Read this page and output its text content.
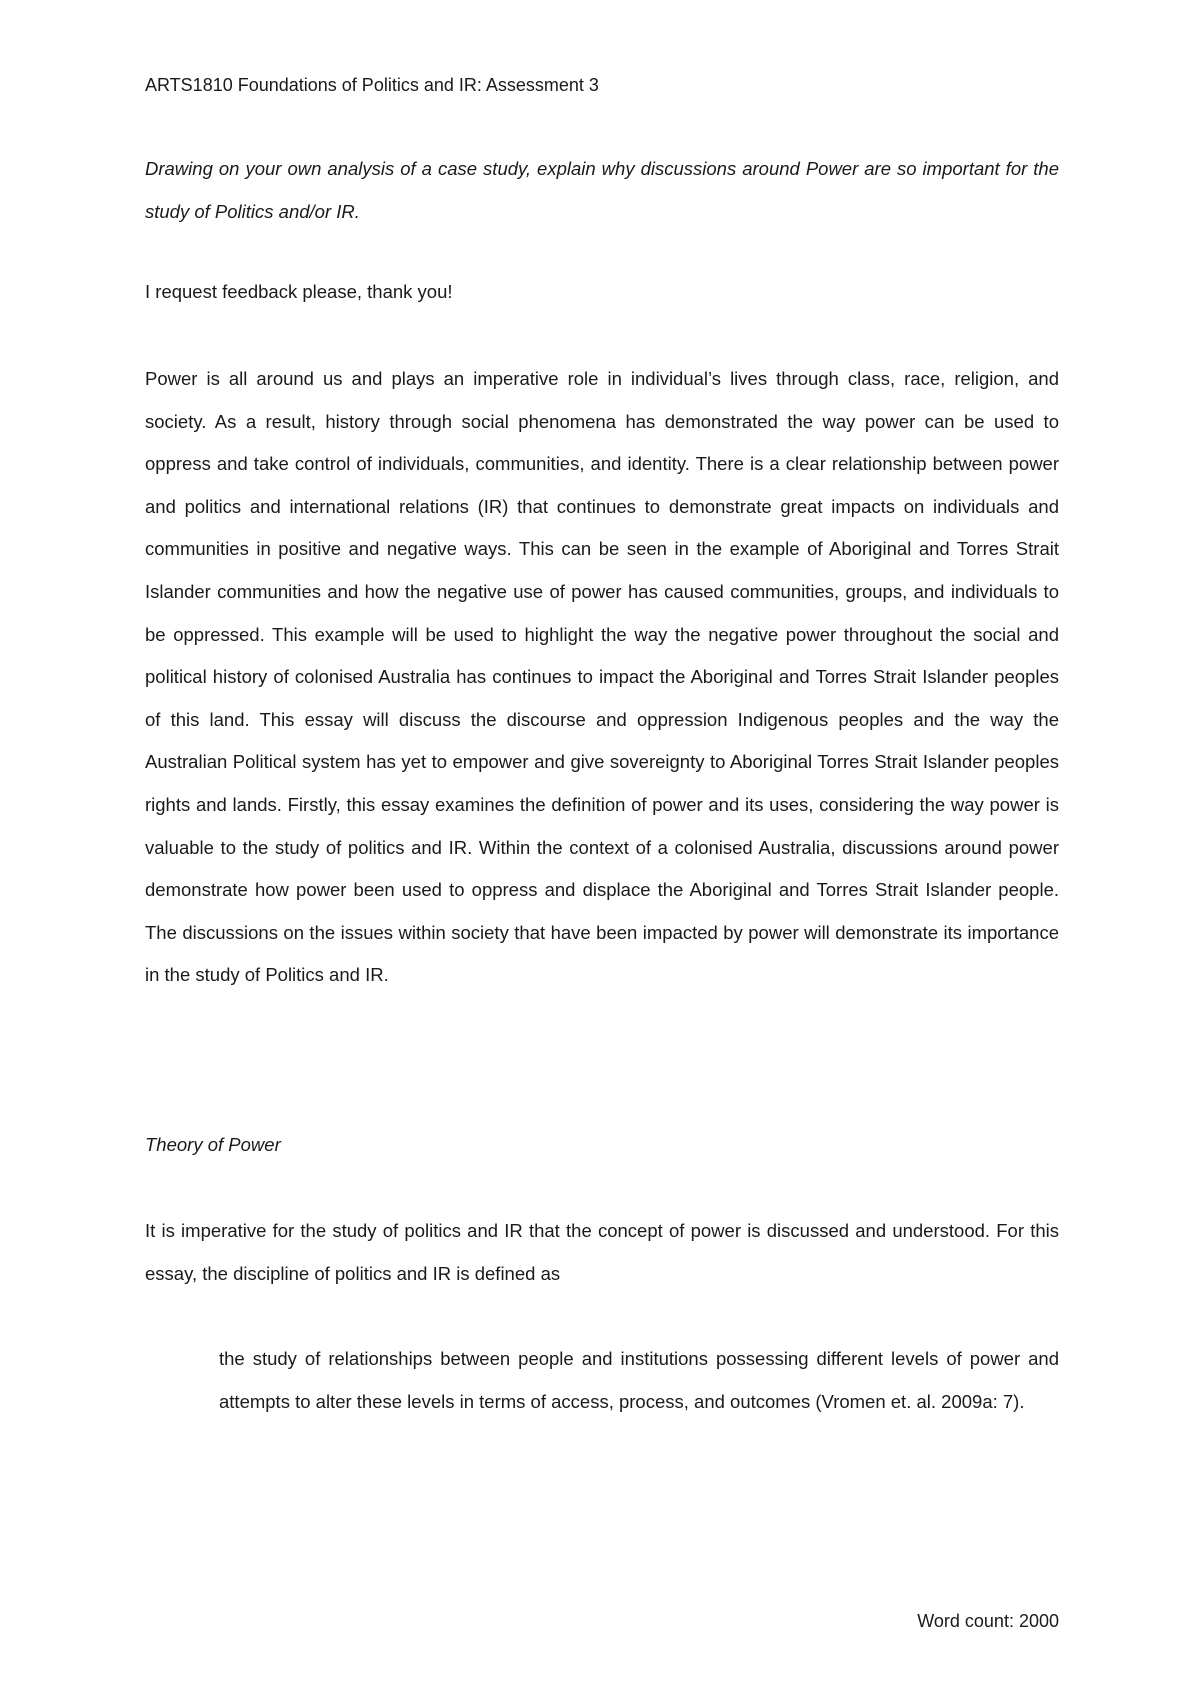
ARTS1810 Foundations of Politics and IR: Assessment 3
Drawing on your own analysis of a case study, explain why discussions around Power are so important for the study of Politics and/or IR.
I request feedback please, thank you!
Power is all around us and plays an imperative role in individual’s lives through class, race, religion, and society. As a result, history through social phenomena has demonstrated the way power can be used to oppress and take control of individuals, communities, and identity. There is a clear relationship between power and politics and international relations (IR) that continues to demonstrate great impacts on individuals and communities in positive and negative ways. This can be seen in the example of Aboriginal and Torres Strait Islander communities and how the negative use of power has caused communities, groups, and individuals to be oppressed. This example will be used to highlight the way the negative power throughout the social and political history of colonised Australia has continues to impact the Aboriginal and Torres Strait Islander peoples of this land. This essay will discuss the discourse and oppression Indigenous peoples and the way the Australian Political system has yet to empower and give sovereignty to Aboriginal Torres Strait Islander peoples rights and lands. Firstly, this essay examines the definition of power and its uses, considering the way power is valuable to the study of politics and IR. Within the context of a colonised Australia, discussions around power demonstrate how power been used to oppress and displace the Aboriginal and Torres Strait Islander people. The discussions on the issues within society that have been impacted by power will demonstrate its importance in the study of Politics and IR.
Theory of Power
It is imperative for the study of politics and IR that the concept of power is discussed and understood. For this essay, the discipline of politics and IR is defined as
the study of relationships between people and institutions possessing different levels of power and attempts to alter these levels in terms of access, process, and outcomes (Vromen et. al. 2009a: 7).
Word count: 2000
